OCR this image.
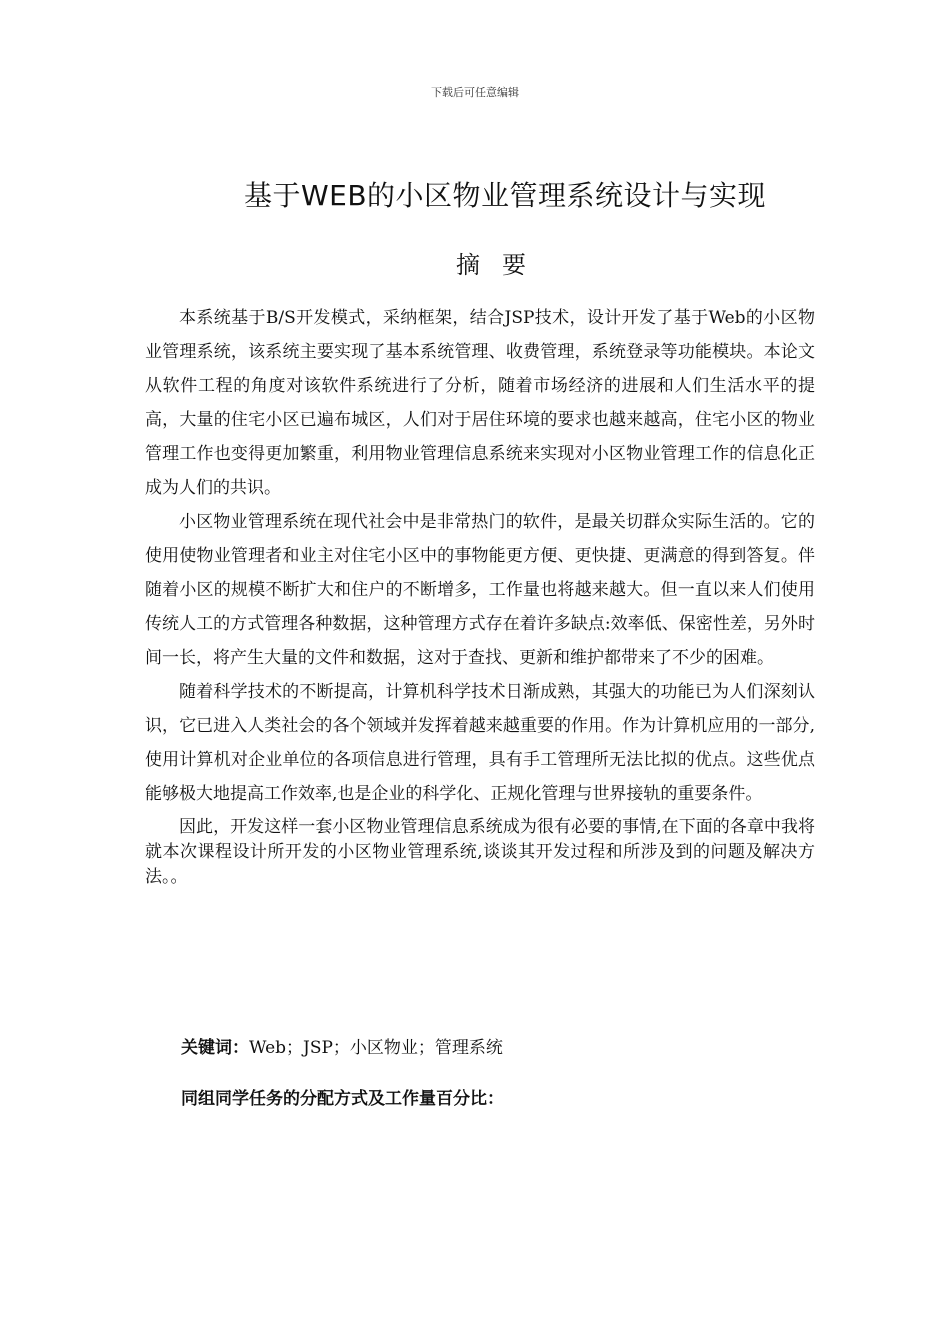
下载后可任意编辑
基于WEB的小区物业管理系统设计与实现
摘要

本系统基于B/S开发模式，采纳框架，结合JSP技术，设计开发了基于Web的小区物业管理系统，该系统主要实现了基本系统管理、收费管理，系统登录等功能模块。本论文从软件工程的角度对该软件系统进行了分析，随着市场经济的进展和人们生活水平的提高，大量的住宅小区已遍布城区，人们对于居住环境的要求也越来越高，住宅小区的物业管理工作也变得更加繁重，利用物业管理信息系统来实现对小区物业管理工作的信息化正成为人们的共识。

小区物业管理系统在现代社会中是非常热门的软件，是最关切群众实际生活的。它的使用使物业管理者和业主对住宅小区中的事物能更方便、更快捷、更满意的得到答复。伴随着小区的规模不断扩大和住户的不断增多，工作量也将越来越大。但一直以来人们使用传统人工的方式管理各种数据，这种管理方式存在着许多缺点:效率低、保密性差，另外时间一长，将产生大量的文件和数据，这对于查找、更新和维护都带来了不少的困难。

随着科学技术的不断提高，计算机科学技术日渐成熟，其强大的功能已为人们深刻认识，它已进入人类社会的各个领域并发挥着越来越重要的作用。作为计算机应用的一部分,使用计算机对企业单位的各项信息进行管理，具有手工管理所无法比拟的优点。这些优点能够极大地提高工作效率,也是企业的科学化、正规化管理与世界接轨的重要条件。

因此，开发这样一套小区物业管理信息系统成为很有必要的事情,在下面的各章中我将就本次课程设计所开发的小区物业管理系统,谈谈其开发过程和所涉及到的问题及解决方法。。

关键词：Web；JSP；小区物业；管理系统
同组同学任务的分配方式及工作量百分比：
